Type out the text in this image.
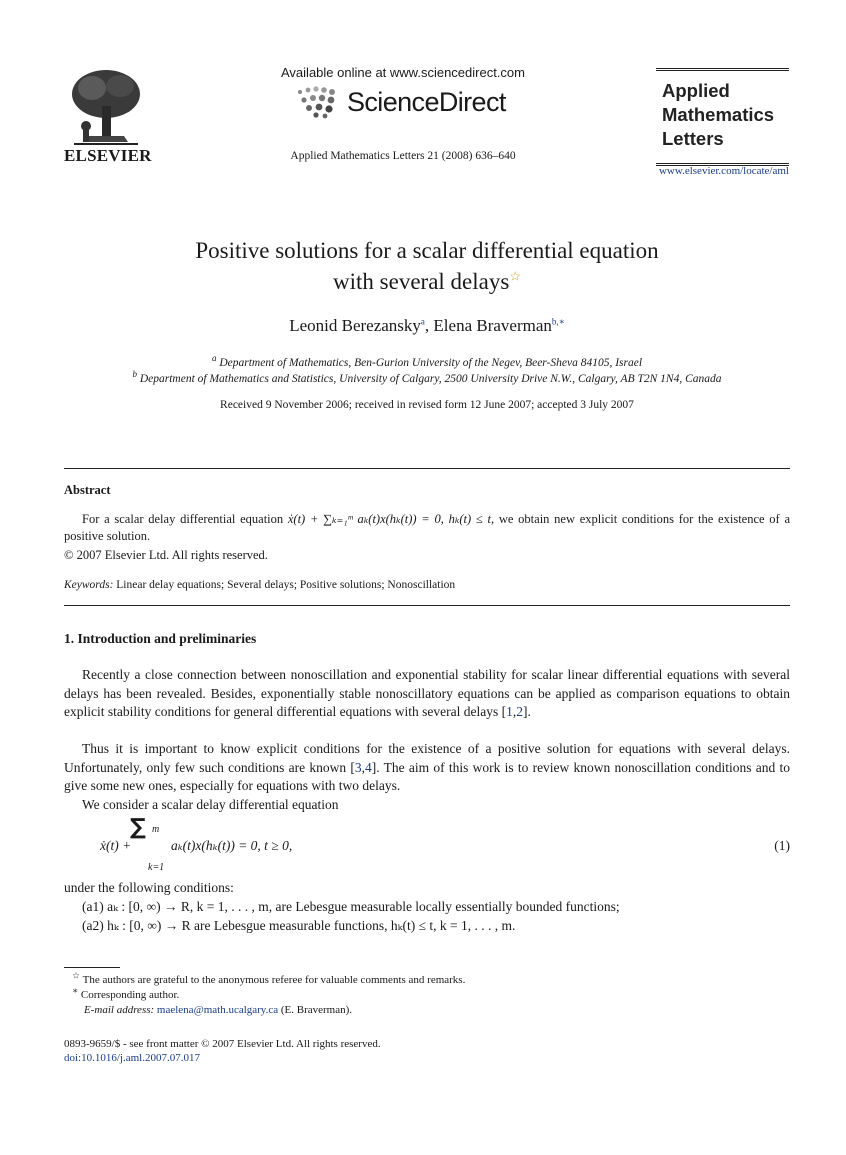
ELSEVIER
Available online at www.sciencedirect.com
ScienceDirect
Applied Mathematics Letters 21 (2008) 636–640
Applied
Mathematics
Letters
www.elsevier.com/locate/aml
Positive solutions for a scalar differential equation
with several delays☆
Leonid Berezansky$^a$, Elena Braverman$^{b,∗}$
$^a$ Department of Mathematics, Ben-Gurion University of the Negev, Beer-Sheva 84105, Israel
$^b$ Department of Mathematics and Statistics, University of Calgary, 2500 University Drive N.W., Calgary, AB T2N 1N4, Canada
Received 9 November 2006; received in revised form 12 June 2007; accepted 3 July 2007
Abstract
For a scalar delay differential equation ẋ(t) + ∑ₖ₌₁ᵐ aₖ(t)x(hₖ(t)) = 0, hₖ(t) ≤ t, we obtain new explicit conditions for the existence of a positive solution.
© 2007 Elsevier Ltd. All rights reserved.
Keywords: Linear delay equations; Several delays; Positive solutions; Nonoscillation
1. Introduction and preliminaries
Recently a close connection between nonoscillation and exponential stability for scalar linear differential equations with several delays has been revealed. Besides, exponentially stable nonoscillatory equations can be applied as comparison equations to obtain explicit stability conditions for general differential equations with several delays [1,2].
Thus it is important to know explicit conditions for the existence of a positive solution for equations with several delays. Unfortunately, only few such conditions are known [3,4]. The aim of this work is to review known nonoscillation conditions and to give some new ones, especially for equations with two delays.
We consider a scalar delay differential equation
ẋ(t) +
∑ m
k=1
aₖ(t)x(hₖ(t)) = 0, t ≥ 0,	(1)
under the following conditions:
(a1) aₖ : [0, ∞) → R, k = 1, . . . , m, are Lebesgue measurable locally essentially bounded functions;
(a2) hₖ : [0, ∞) → R are Lebesgue measurable functions, hₖ(t) ≤ t, k = 1, . . . , m.
☆ The authors are grateful to the anonymous referee for valuable comments and remarks.
∗ Corresponding author.
E-mail address: maelena@math.ucalgary.ca (E. Braverman).
0893-9659/$ - see front matter © 2007 Elsevier Ltd. All rights reserved.
doi:10.1016/j.aml.2007.07.017
